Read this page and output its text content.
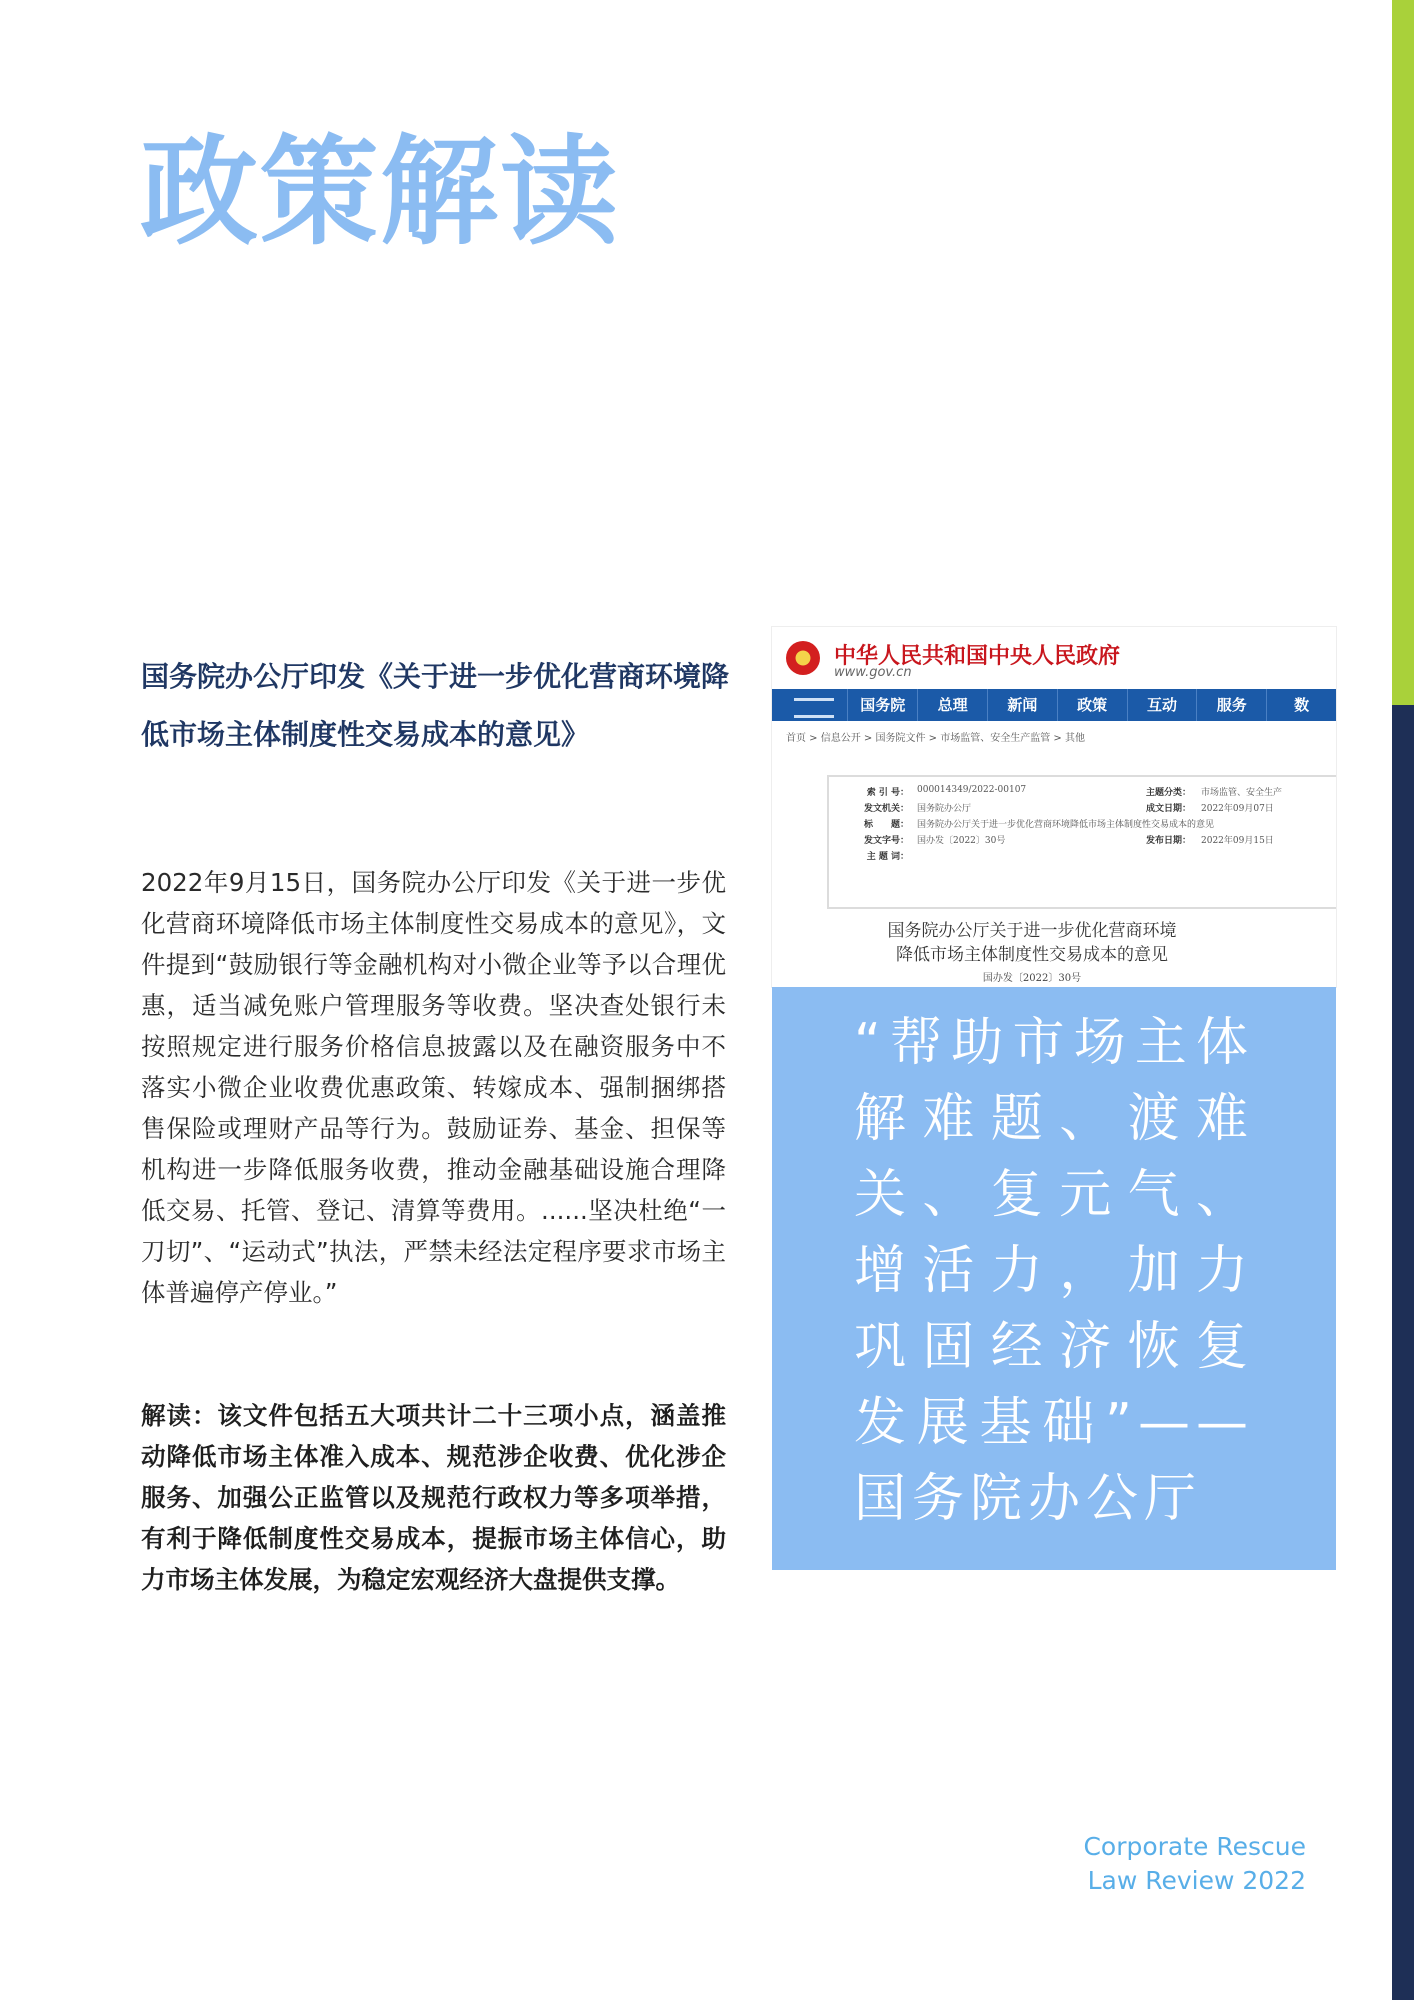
政策解读
国务院办公厅印发《关于进一步优化营商环境降低市场主体制度性交易成本的意见》
2022年9月15日，国务院办公厅印发《关于进一步优化营商环境降低市场主体制度性交易成本的意见》，文件提到“鼓励银行等金融机构对小微企业等予以合理优惠，适当减免账户管理服务等收费。坚决查处银行未按照规定进行服务价格信息披露以及在融资服务中不落实小微企业收费优惠政策、转嫁成本、强制捆绑搭售保险或理财产品等行为。鼓励证券、基金、担保等机构进一步降低服务收费，推动金融基础设施合理降低交易、托管、登记、清算等费用。......坚决杜绝“一刀切”、“运动式”执法，严禁未经法定程序要求市场主体普遍停产停业。”
解读：该文件包括五大项共计二十三项小点，涵盖推动降低市场主体准入成本、规范涉企收费、优化涉企服务、加强公正监管以及规范行政权力等多项举措，有利于降低制度性交易成本，提振市场主体信心，助力市场主体发展，为稳定宏观经济大盘提供支撑。
中华人民共和国中央人民政府
www.gov.cn
国务院	总理	新闻	政策	互动	服务	数
首页 > 信息公开 > 国务院文件 > 市场监管、安全生产监管 > 其他
索 引 号： 000014349/2022-00107	主题分类： 市场监管、安全生产
发文机关： 国务院办公厅	成文日期： 2022年09月07日
标　　题： 国务院办公厅关于进一步优化营商环境降低市场主体制度性交易成本的意见
发文字号： 国办发〔2022〕30号	发布日期： 2022年09月15日
主 题 词：
国务院办公厅关于进一步优化营商环境
降低市场主体制度性交易成本的意见
国办发〔2022〕30号
“帮助市场主体解难题、渡难关、复元气、增活力，加力巩固经济恢复发展基础”—— 国务院办公厅
Corporate Rescue
Law Review 2022
